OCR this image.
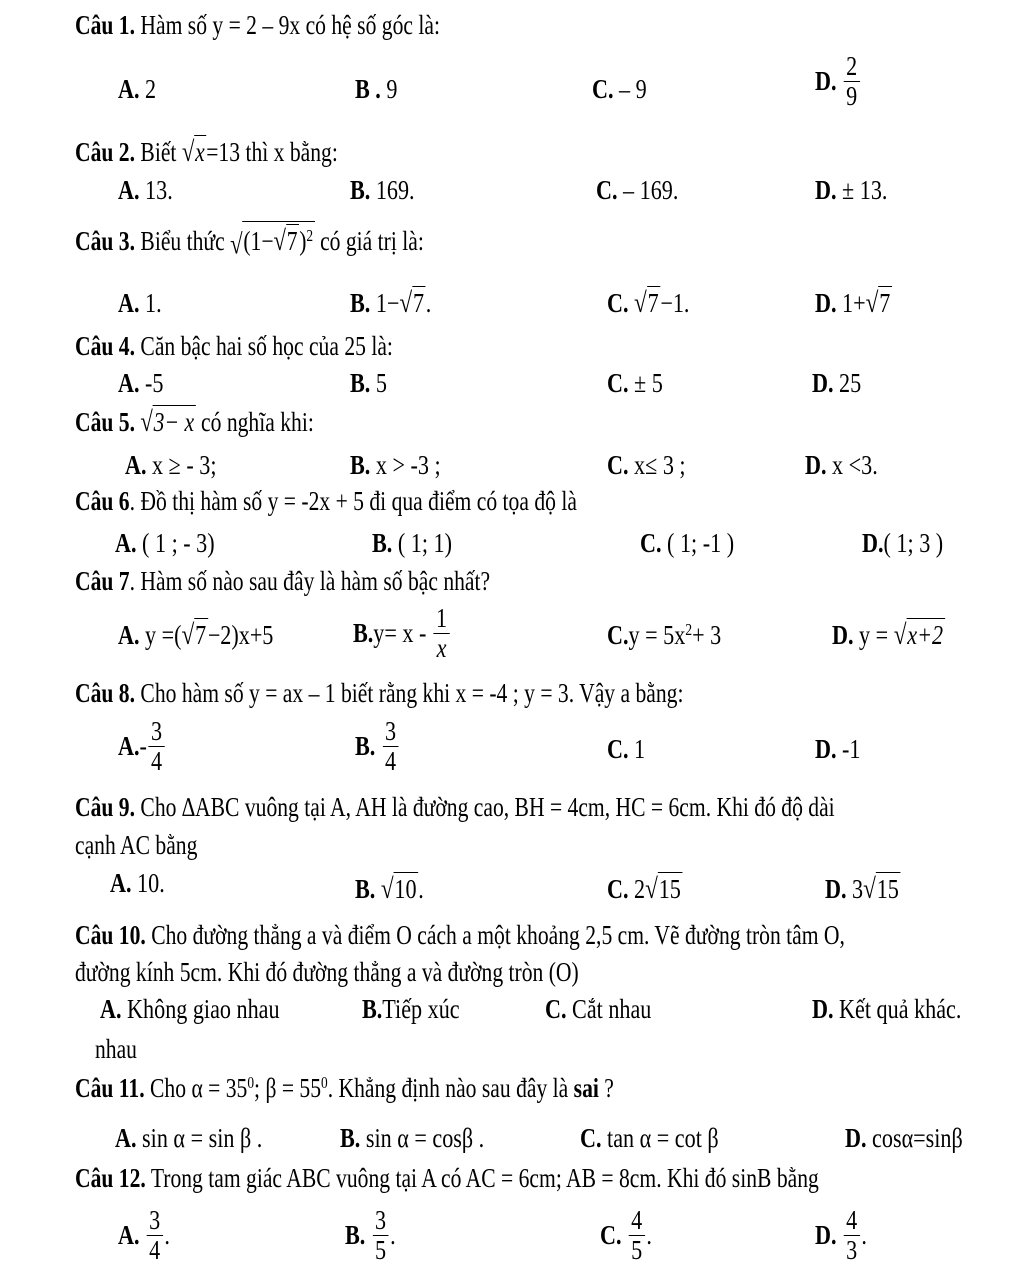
Câu 1. Hàm số y = 2 – 9x có hệ số góc là:
A. 2	B . 9	C. – 9	D. $\frac{2}{9}$
Câu 2. Biết √x=13 thì x bằng:
A. 13.	B. 169.	C. – 169.	D. ± 13.
Câu 3. Biểu thức $√(1-√7)^2$ có giá trị là:
A. 1.	B. 1−√7.	C. √7−1.	D. 1+√7
Câu 4. Căn bậc hai số học của 25 là:
A. -5	B. 5	C. ± 5	D. 25
Câu 5. √3− x có nghĩa khi:
A. x ≥ - 3;	B. x > -3 ;	C. x≤ 3 ;	D. x <3.
Câu 6. Đồ thị hàm số y = -2x + 5 đi qua điểm có tọa độ là
A. ( 1 ; - 3)	B. ( 1; 1)	C. ( 1; -1 )	D.( 1; 3 )
Câu 7. Hàm số nào sau đây là hàm số bậc nhất?
A. y =(√7−2)x+5	$B.y= x - \frac{1}{x}$	$C.y = 5x^2+ 3$	D. y = √x+2
Câu 8. Cho hàm số y = ax – 1 biết rằng khi x = -4 ; y = 3. Vậy a bằng:
$A.- \frac{3}{4}$	B. $\frac{3}{4}$	C. 1	D. -1
Câu 9. Cho ∆ABC vuông tại A, AH là đường cao, BH = 4cm, HC = 6cm. Khi đó độ dài
cạnh AC bằng
A. 10.	B. √10.	C. 2√15	D. 3√15
Câu 10. Cho đường thẳng a và điểm O cách a một khoảng 2,5 cm. Vẽ đường tròn tâm O,
đường kính 5cm. Khi đó đường thẳng a và đường tròn (O)
A. Không giao nhau	B.Tiếp xúc	C. Cắt nhau	D. Kết quả khác.
nhau
Câu 11. Cho $\alpha = 35^0$; $\beta = 55^0$. Khẳng định nào sau đây là sai ?
A. sin α = sin β .	B. sin α = cosβ .	C. tan α = cot β	D. cosα=sinβ
Câu 12. Trong tam giác ABC vuông tại A có AC = 6cm; AB = 8cm. Khi đó sinB bằng
A. $\frac{3}{4}$ .	B. $\frac{3}{5}$ .	C. $\frac{4}{5}$ .	D. $\frac{4}{3}$ .
